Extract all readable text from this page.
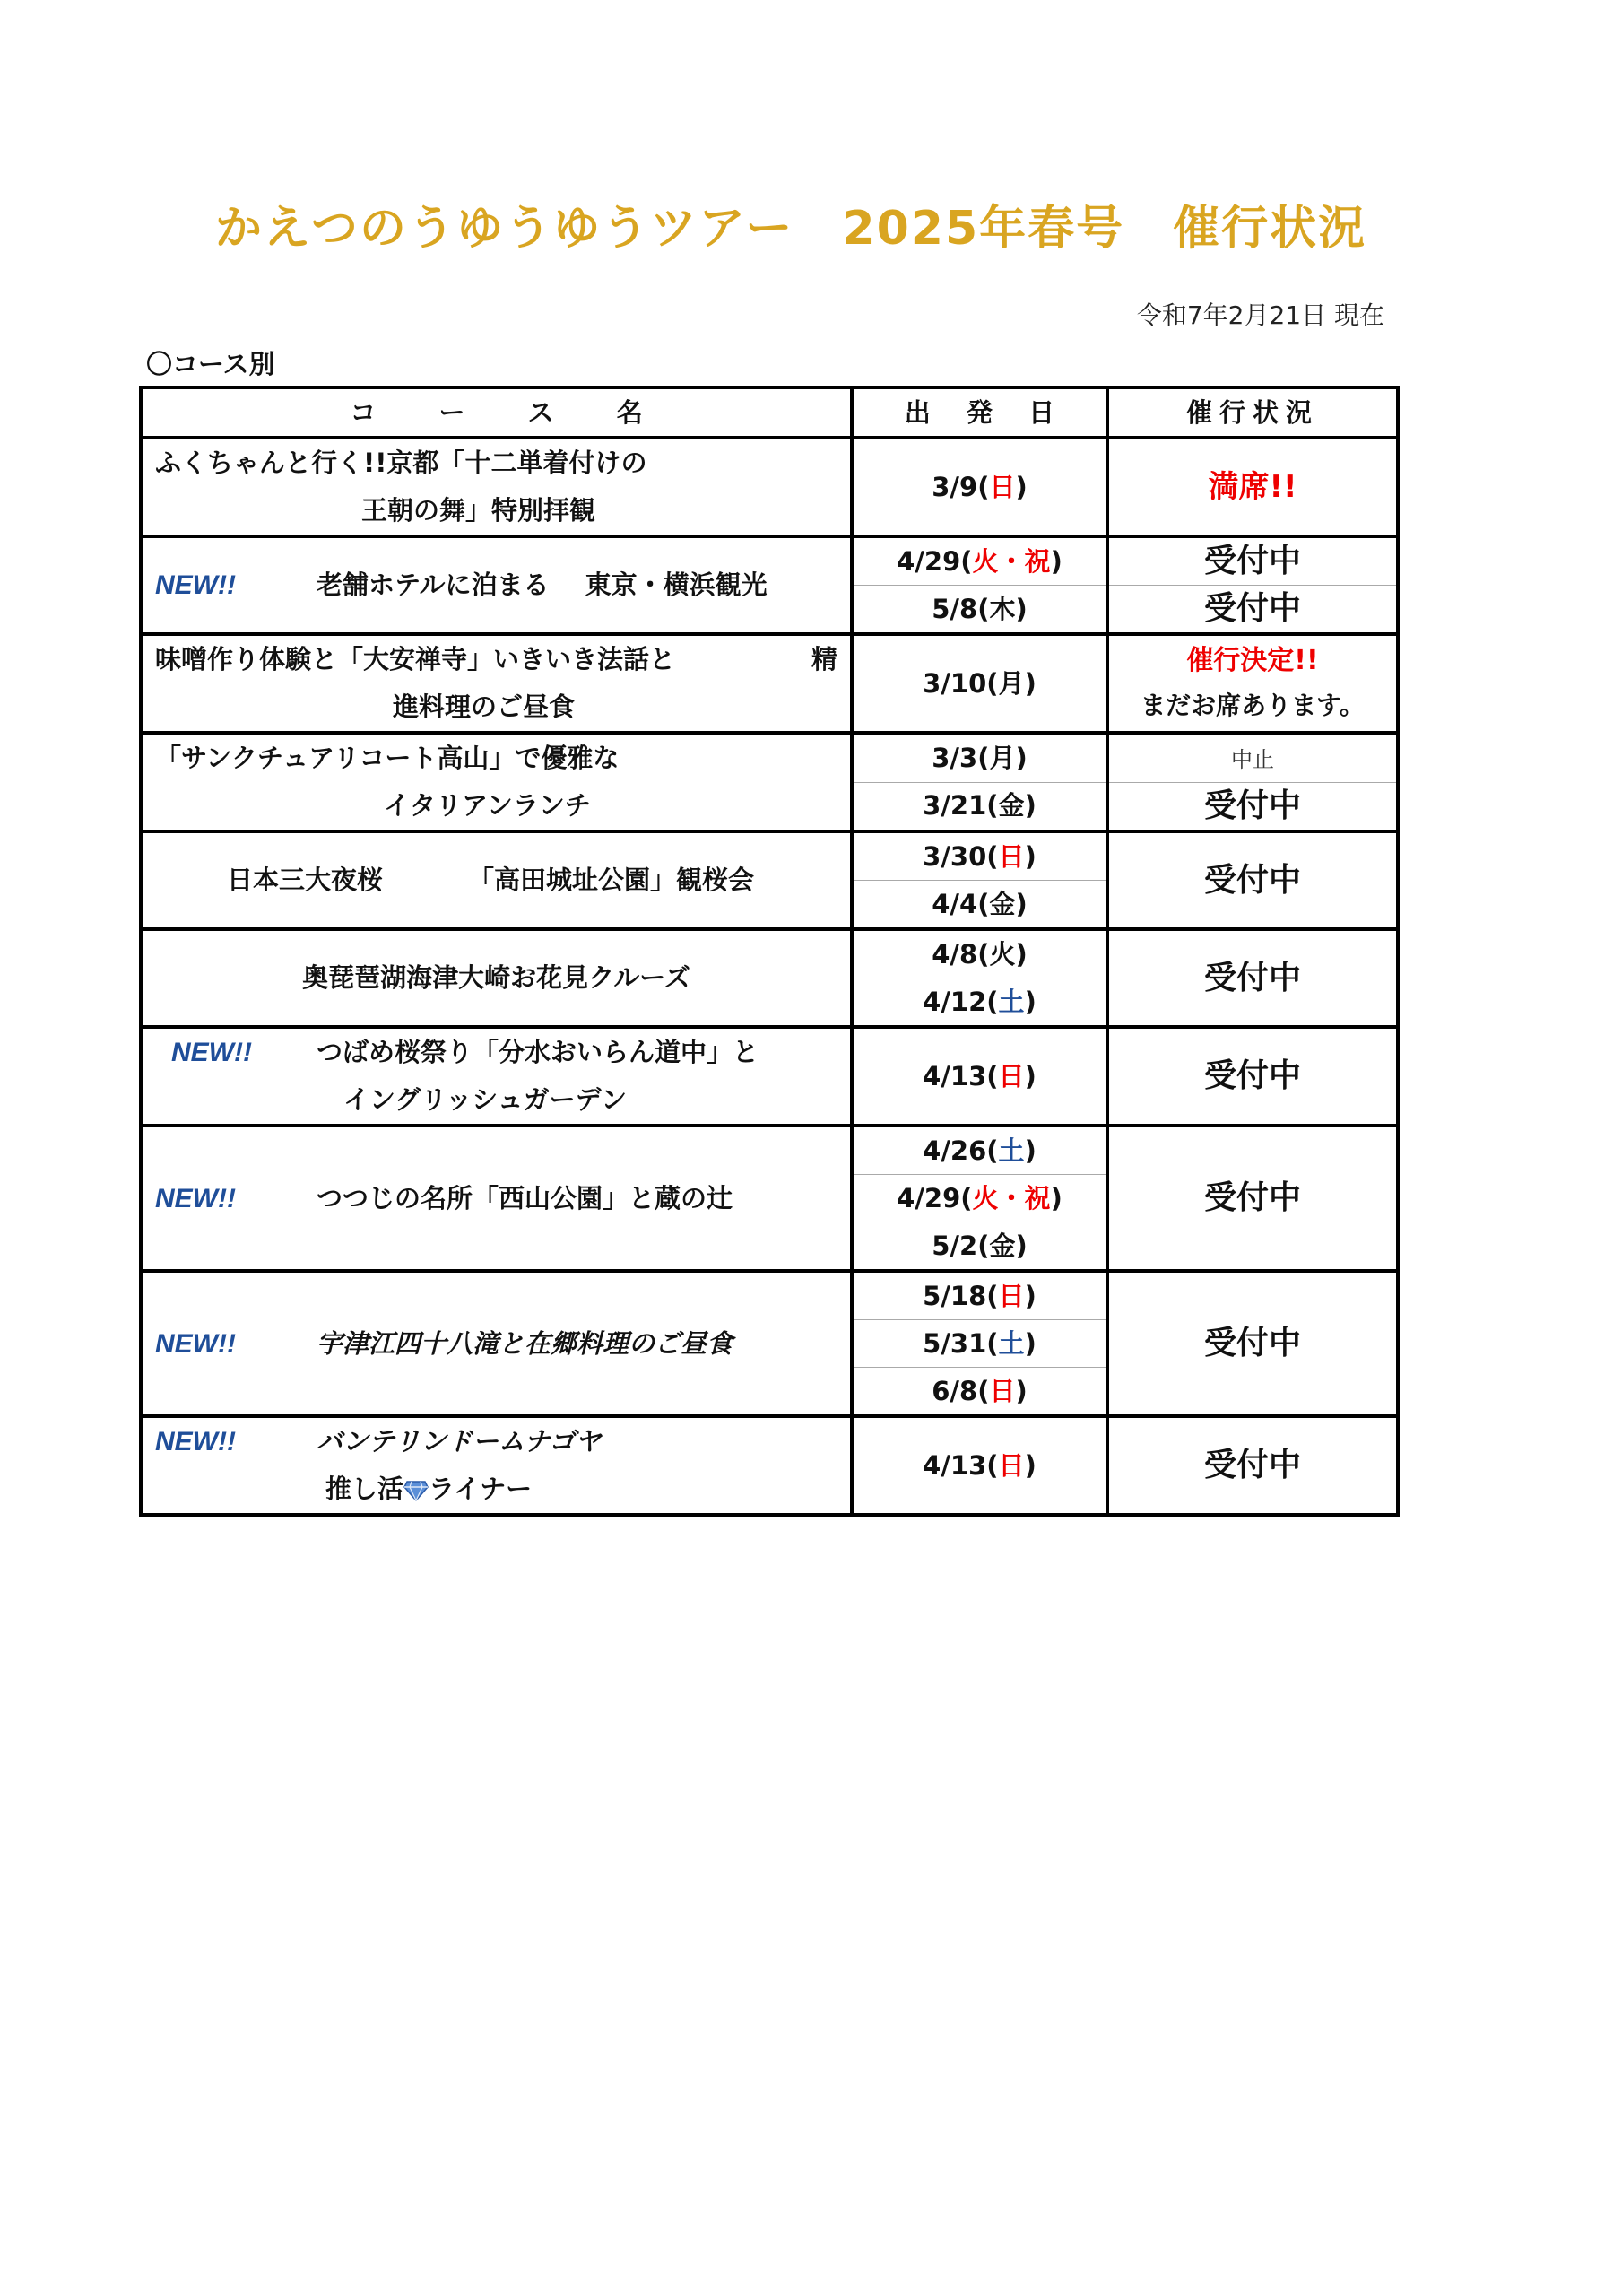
かえつのうゆうゆうツアー　2025年春号　催行状況
令和7年2月21日 現在
〇コース別
コ ー ス 名	出 発 日	催行状況

ふくちゃんと行く!!京都「十二単着付けの
王朝の舞」特別拝観	3/9(日)	満席!!

NEW!! 老舗ホテルに泊まる 東京・横浜観光	4/29(火・祝)	受付中
	5/8(木)	受付中

味噌作り体験と「大安禅寺」いきいき法話と 精
進料理のご昼食	3/10(月)	催行決定!!
まだお席あります。

「サンクチュアリコート高山」で優雅な
イタリアンランチ	3/3(月)	中止
	3/21(金)	受付中

日本三大夜桜 「高田城址公園」観桜会	3/30(日)	受付中
	4/4(金)	

奥琵琶湖海津大崎お花見クルーズ	4/8(火)	受付中
	4/12(土)	

NEW!! つばめ桜祭り「分水おいらん道中」と
イングリッシュガーデン	4/13(日)	受付中

NEW!! つつじの名所「西山公園」と蔵の辻	4/26(土)	受付中
	4/29(火・祝)	
	5/2(金)	

NEW!! 宇津江四十八滝と在郷料理のご昼食	5/18(日)	受付中
	5/31(土)	
	6/8(日)	

NEW!! バンテリンドームナゴヤ
推し活 ライナー	4/13(日)	受付中
